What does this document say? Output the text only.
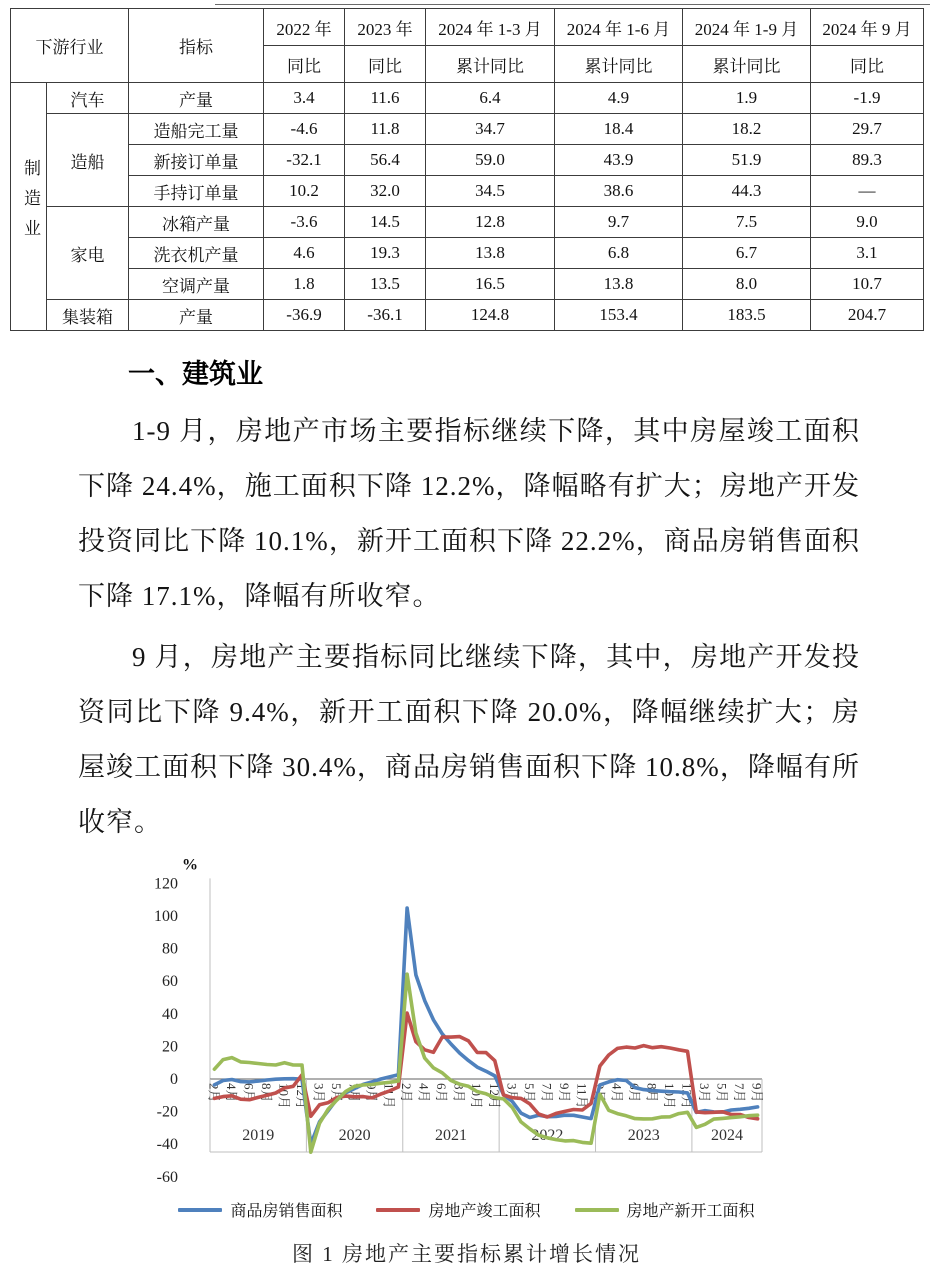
下游行业		指标	2022 年	2023 年	2024 年 1-3 月	2024 年 1-6 月	2024 年 1-9 月	2024 年 9 月
			同比	同比	累计同比	累计同比	累计同比	同比
制造业	汽车	产量	3.4	11.6	6.4	4.9	1.9	-1.9
	造船	造船完工量	-4.6	11.8	34.7	18.4	18.2	29.7
		新接订单量	-32.1	56.4	59.0	43.9	51.9	89.3
		手持订单量	10.2	32.0	34.5	38.6	44.3	—
	家电	冰箱产量	-3.6	14.5	12.8	9.7	7.5	9.0
		洗衣机产量	4.6	19.3	13.8	6.8	6.7	3.1
		空调产量	1.8	13.5	16.5	13.8	8.0	10.7
	集装箱	产量	-36.9	-36.1	124.8	153.4	183.5	204.7
一、建筑业
1-9 月，房地产市场主要指标继续下降，其中房屋竣工面积下降 24.4%，施工面积下降 12.2%，降幅略有扩大；房地产开发投资同比下降 10.1%，新开工面积下降 22.2%，商品房销售面积下降 17.1%，降幅有所收窄。
9 月，房地产主要指标同比继续下降，其中，房地产开发投资同比下降 9.4%，新开工面积下降 20.0%，降幅继续扩大；房屋竣工面积下降 30.4%，商品房销售面积下降 10.8%，降幅有所收窄。
%
120
100
80
60
40
20
0
-20
-40
-60
2019	2020	2021	2022	2023	2024
2月 4月 6月 8月 10月 12月 3月 5月 7月 9月 11月 2月 4月 6月 8月 10月 12月 3月 5月 7月 9月 11月 2月 4月 6月 8月 10月 12月 3月 5月 7月 9月
商品房销售面积	房地产竣工面积	房地产新开工面积
图 1 房地产主要指标累计增长情况
